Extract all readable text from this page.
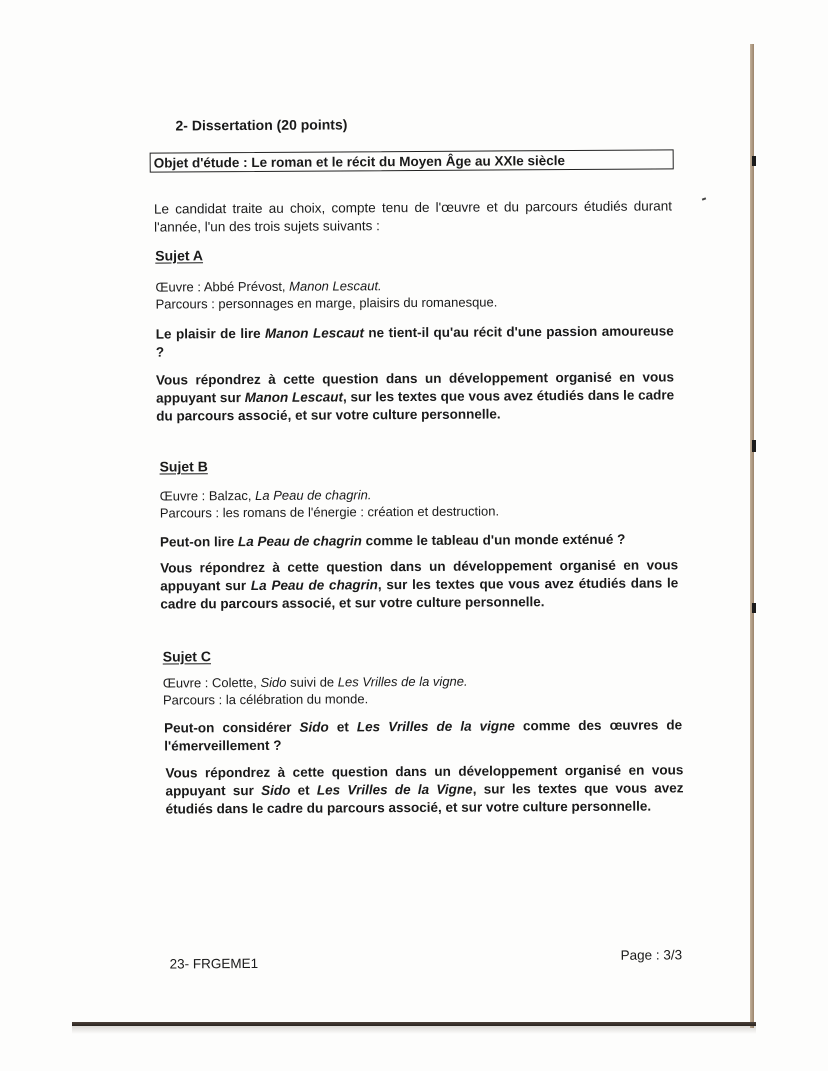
2- Dissertation (20 points)
Objet d'étude : Le roman et le récit du Moyen Âge au XXIe siècle

Le candidat traite au choix, compte tenu de l'œuvre et du parcours étudiés durant l'année, l'un des trois sujets suivants :

Sujet A
Œuvre : Abbé Prévost, Manon Lescaut.
Parcours : personnages en marge, plaisirs du romanesque.

Le plaisir de lire Manon Lescaut ne tient-il qu'au récit d'une passion amoureuse ?

Vous répondrez à cette question dans un développement organisé en vous appuyant sur Manon Lescaut, sur les textes que vous avez étudiés dans le cadre du parcours associé, et sur votre culture personnelle.

Sujet B
Œuvre : Balzac, La Peau de chagrin.
Parcours : les romans de l'énergie : création et destruction.

Peut-on lire La Peau de chagrin comme le tableau d'un monde exténué ?

Vous répondrez à cette question dans un développement organisé en vous appuyant sur La Peau de chagrin, sur les textes que vous avez étudiés dans le cadre du parcours associé, et sur votre culture personnelle.

Sujet C
Œuvre : Colette, Sido suivi de Les Vrilles de la vigne.
Parcours : la célébration du monde.

Peut-on considérer Sido et Les Vrilles de la vigne comme des œuvres de l'émerveillement ?

Vous répondrez à cette question dans un développement organisé en vous appuyant sur Sido et Les Vrilles de la Vigne, sur les textes que vous avez étudiés dans le cadre du parcours associé, et sur votre culture personnelle.

23- FRGEME1
Page : 3/3
